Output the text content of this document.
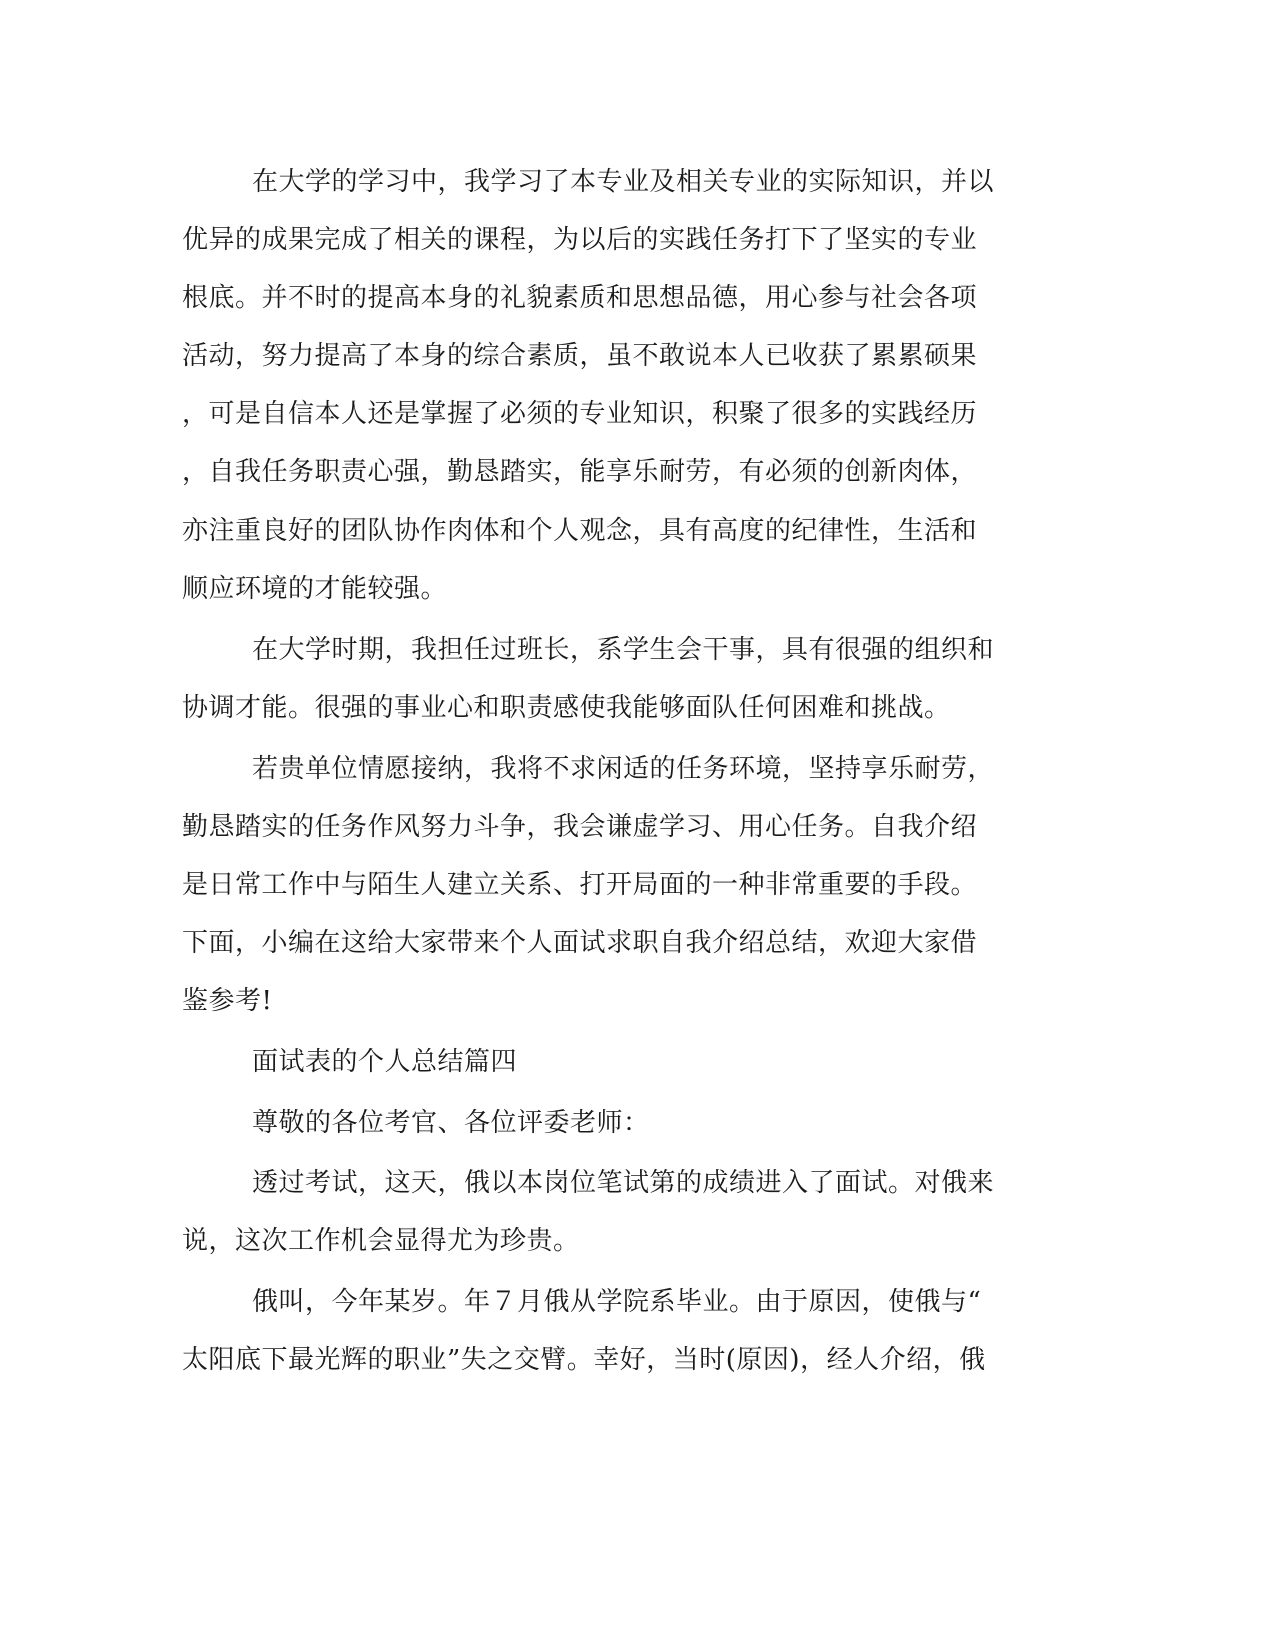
在大学的学习中，我学习了本专业及相关专业的实际知识，并以
优异的成果完成了相关的课程，为以后的实践任务打下了坚实的专业
根底。并不时的提高本身的礼貌素质和思想品德，用心参与社会各项
活动，努力提高了本身的综合素质，虽不敢说本人已收获了累累硕果
，可是自信本人还是掌握了必须的专业知识，积聚了很多的实践经历
，自我任务职责心强，勤恳踏实，能享乐耐劳，有必须的创新肉体，
亦注重良好的团队协作肉体和个人观念，具有高度的纪律性，生活和
顺应环境的才能较强。
在大学时期，我担任过班长，系学生会干事，具有很强的组织和
协调才能。很强的事业心和职责感使我能够面队任何困难和挑战。
若贵单位情愿接纳，我将不求闲适的任务环境，坚持享乐耐劳，
勤恳踏实的任务作风努力斗争，我会谦虚学习、用心任务。自我介绍
是日常工作中与陌生人建立关系、打开局面的一种非常重要的手段。
下面，小编在这给大家带来个人面试求职自我介绍总结，欢迎大家借
鉴参考!
面试表的个人总结篇四
尊敬的各位考官、各位评委老师：
透过考试，这天，俄以本岗位笔试第的成绩进入了面试。对俄来
说，这次工作机会显得尤为珍贵。
俄叫，今年某岁。年７月俄从学院系毕业。由于原因，使俄与“
太阳底下最光辉的职业”失之交臂。幸好，当时(原因)，经人介绍，俄
